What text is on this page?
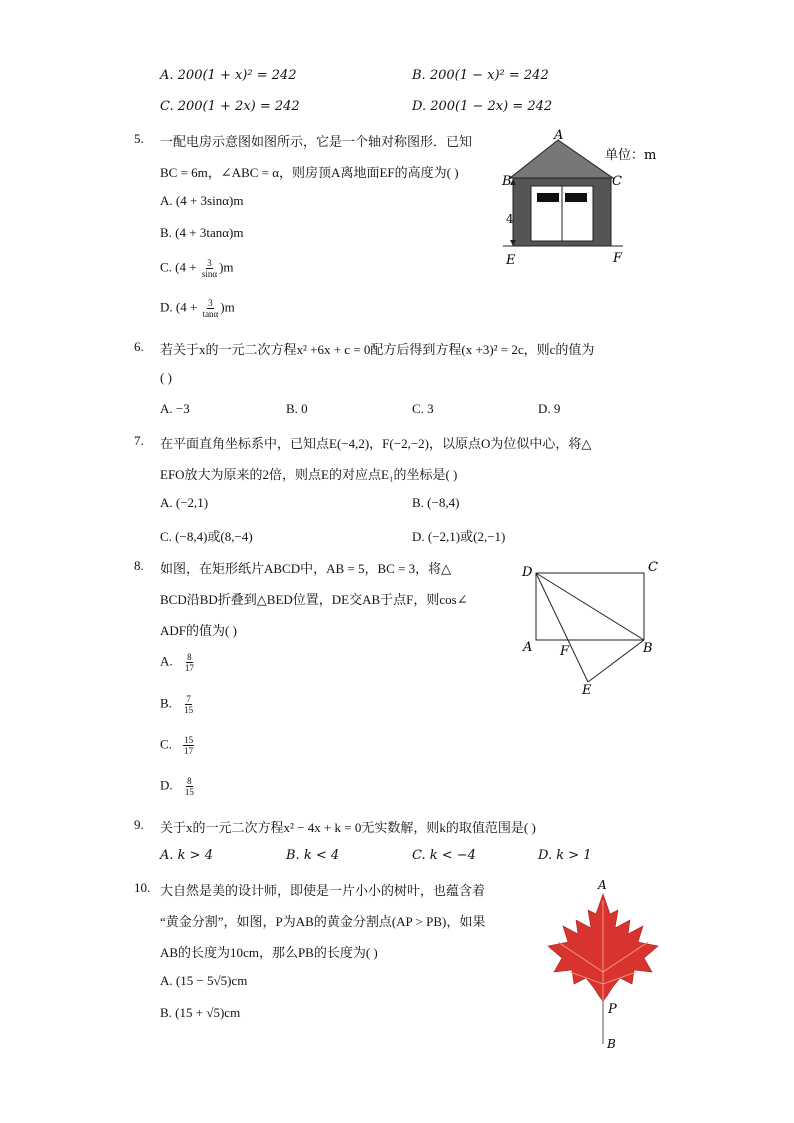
A. 200(1 + x)² = 242	B. 200(1 − x)² = 242
C. 200(1 + 2x) = 242	D. 200(1 − 2x) = 242
5. 一配电房示意图如图所示，它是一个轴对称图形．已知
BC = 6m，∠ABC = α，则房顶A离地面EF的高度为( )
A. (4 + 3sinα)m
B. (4 + 3tanα)m
C. $(4 + \frac{3}{\sin\alpha} )m$
D. $(4 + \frac{3}{\tan\alpha} )m$
A
B	C
E	F
4
单位：m
6. 若关于x的一元二次方程x² +6x + c = 0配方后得到方程(x +3)² = 2c，则c的值为
( )
A. −3	B. 0	C. 3	D. 9
7. 在平面直角坐标系中，已知点E(−4,2)，F(−2,−2)，以原点O为位似中心，将△
EFO放大为原来的2倍，则点E的对应点E₁的坐标是( )
A. (−2,1)	B. (−8,4)
C. (−8,4)或(8,−4)	D. (−2,1)或(2,−1)
8. 如图，在矩形纸片ABCD中，AB = 5，BC = 3，将△
BCD沿BD折叠到△BED位置，DE交AB于点F，则cos∠
ADF的值为( )
A. $\frac{8}{17}$
B. $\frac{7}{15}$
C. $\frac{15}{17}$
D. $\frac{8}{15}$
D	C
A	B
F
E
9. 关于x的一元二次方程x² − 4x + k = 0无实数解，则k的取值范围是( )
A. k > 4	B. k < 4	C. k < −4	D. k > 1
10. 大自然是美的设计师，即使是一片小小的树叶，也蕴含着
“黄金分割”，如图，P为AB的黄金分割点(AP > PB)，如果
AB的长度为10cm，那么PB的长度为( )
A. (15 − 5√5)cm
B. (15 + √5)cm
A
P
B
